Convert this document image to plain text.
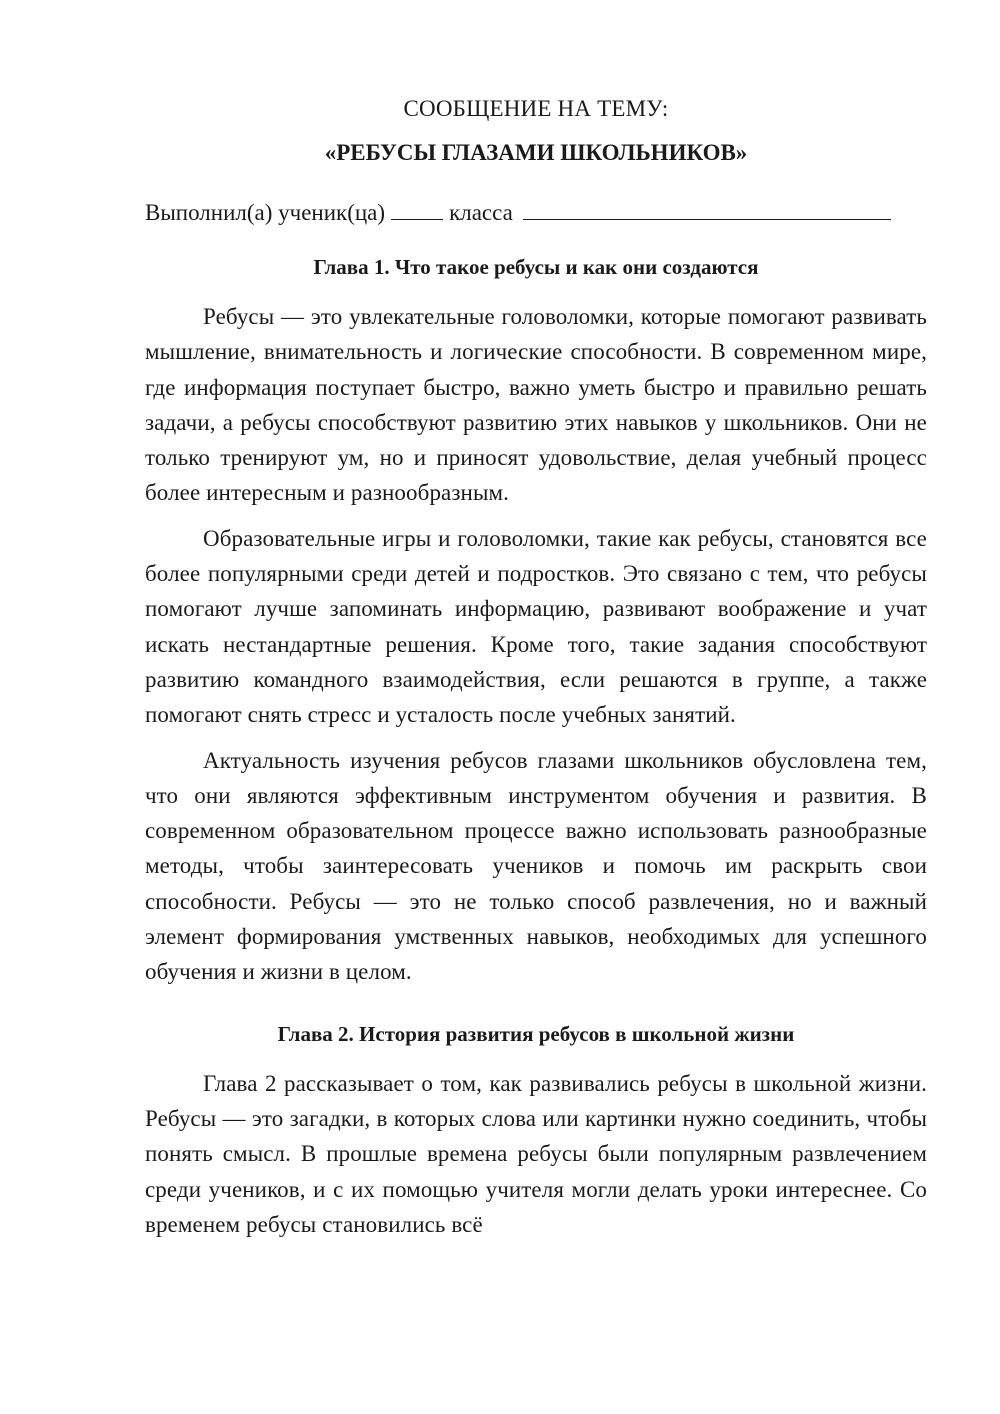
СООБЩЕНИЕ НА ТЕМУ:
«РЕБУСЫ ГЛАЗАМИ ШКОЛЬНИКОВ»

Выполнил(а) ученик(ца)	класса

Глава 1. Что такое ребусы и как они создаются

Ребусы — это увлекательные головоломки, которые помогают развивать мышление, внимательность и логические способности. В современном мире, где информация поступает быстро, важно уметь быстро и правильно решать задачи, а ребусы способствуют развитию этих навыков у школьников. Они не только тренируют ум, но и приносят удовольствие, делая учебный процесс более интересным и разнообразным.

Образовательные игры и головоломки, такие как ребусы, становятся все более популярными среди детей и подростков. Это связано с тем, что ребусы помогают лучше запоминать информацию, развивают воображение и учат искать нестандартные решения. Кроме того, такие задания способствуют развитию командного взаимодействия, если решаются в группе, а также помогают снять стресс и усталость после учебных занятий.

Актуальность изучения ребусов глазами школьников обусловлена тем, что они являются эффективным инструментом обучения и развития. В современном образовательном процессе важно использовать разнообразные методы, чтобы заинтересовать учеников и помочь им раскрыть свои способности. Ребусы — это не только способ развлечения, но и важный элемент формирования умственных навыков, необходимых для успешного обучения и жизни в целом.

Глава 2. История развития ребусов в школьной жизни

Глава 2 рассказывает о том, как развивались ребусы в школьной жизни. Ребусы — это загадки, в которых слова или картинки нужно соединить, чтобы понять смысл. В прошлые времена ребусы были популярным развлечением среди учеников, и с их помощью учителя могли делать уроки интереснее. Со временем ребусы становились всё
